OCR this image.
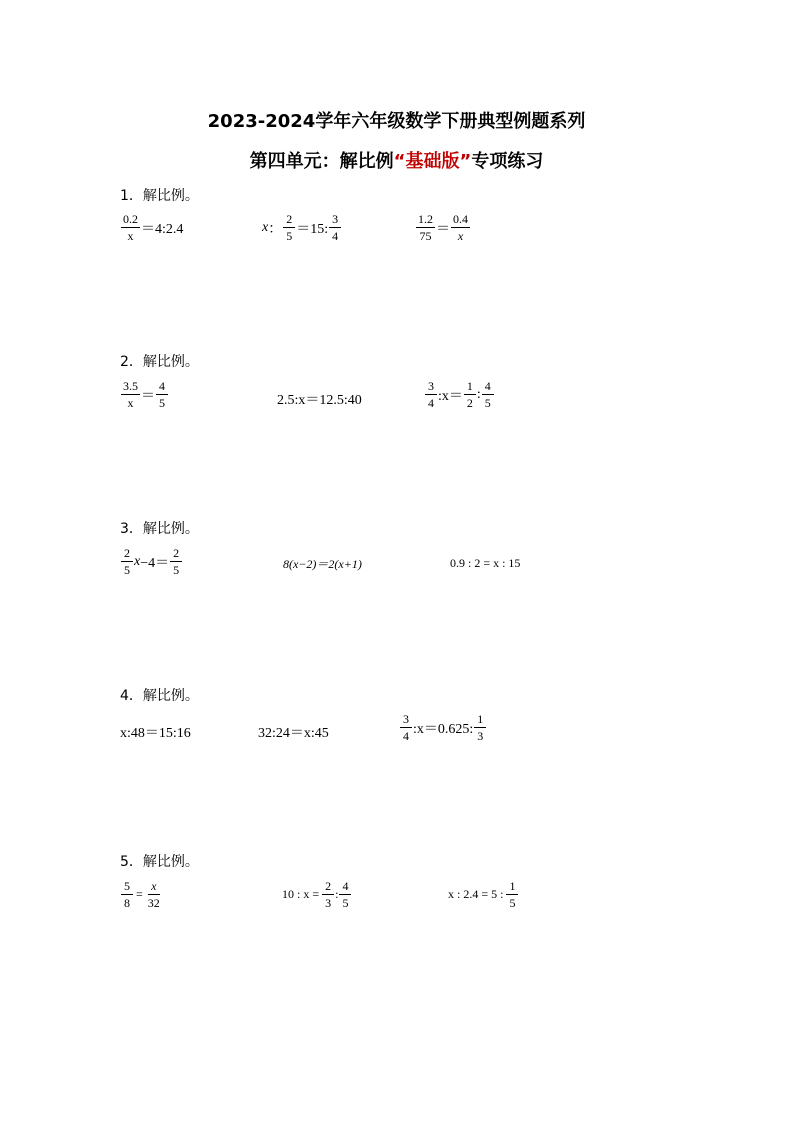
2023-2024学年六年级数学下册典型例题系列
第四单元：解比例“基础版”专项练习
1．解比例。
$\frac{0.2}{x}$ ＝4:2.4	x ： $\frac{2}{5} =15$: $\frac{3}{4}$	$\frac{1.2}{75} = \frac{0.4}{x}$
2．解比例。
$\frac{3.5}{x} = \frac{4}{5}$	2.5:x＝12.5:40	$\frac{3}{4}$ :x＝ $\frac{1}{2}$ : $\frac{4}{5}$
3．解比例。
$\frac{2}{5}$ $x -4= \frac{2}{5}$	8(x−2)＝2(x+1)	0.9 : 2 = x : 15
4．解比例。
x:48＝15:16	32:24＝x:45	$\frac{3}{4}$ :x＝0.625: $\frac{1}{3}$
5．解比例。
$\frac{5}{8} = \frac{x}{32}$	10 : $x = \frac{2}{3}$ : $\frac{4}{5}$	x : 2.4 = 5 : $\frac{1}{5}$
